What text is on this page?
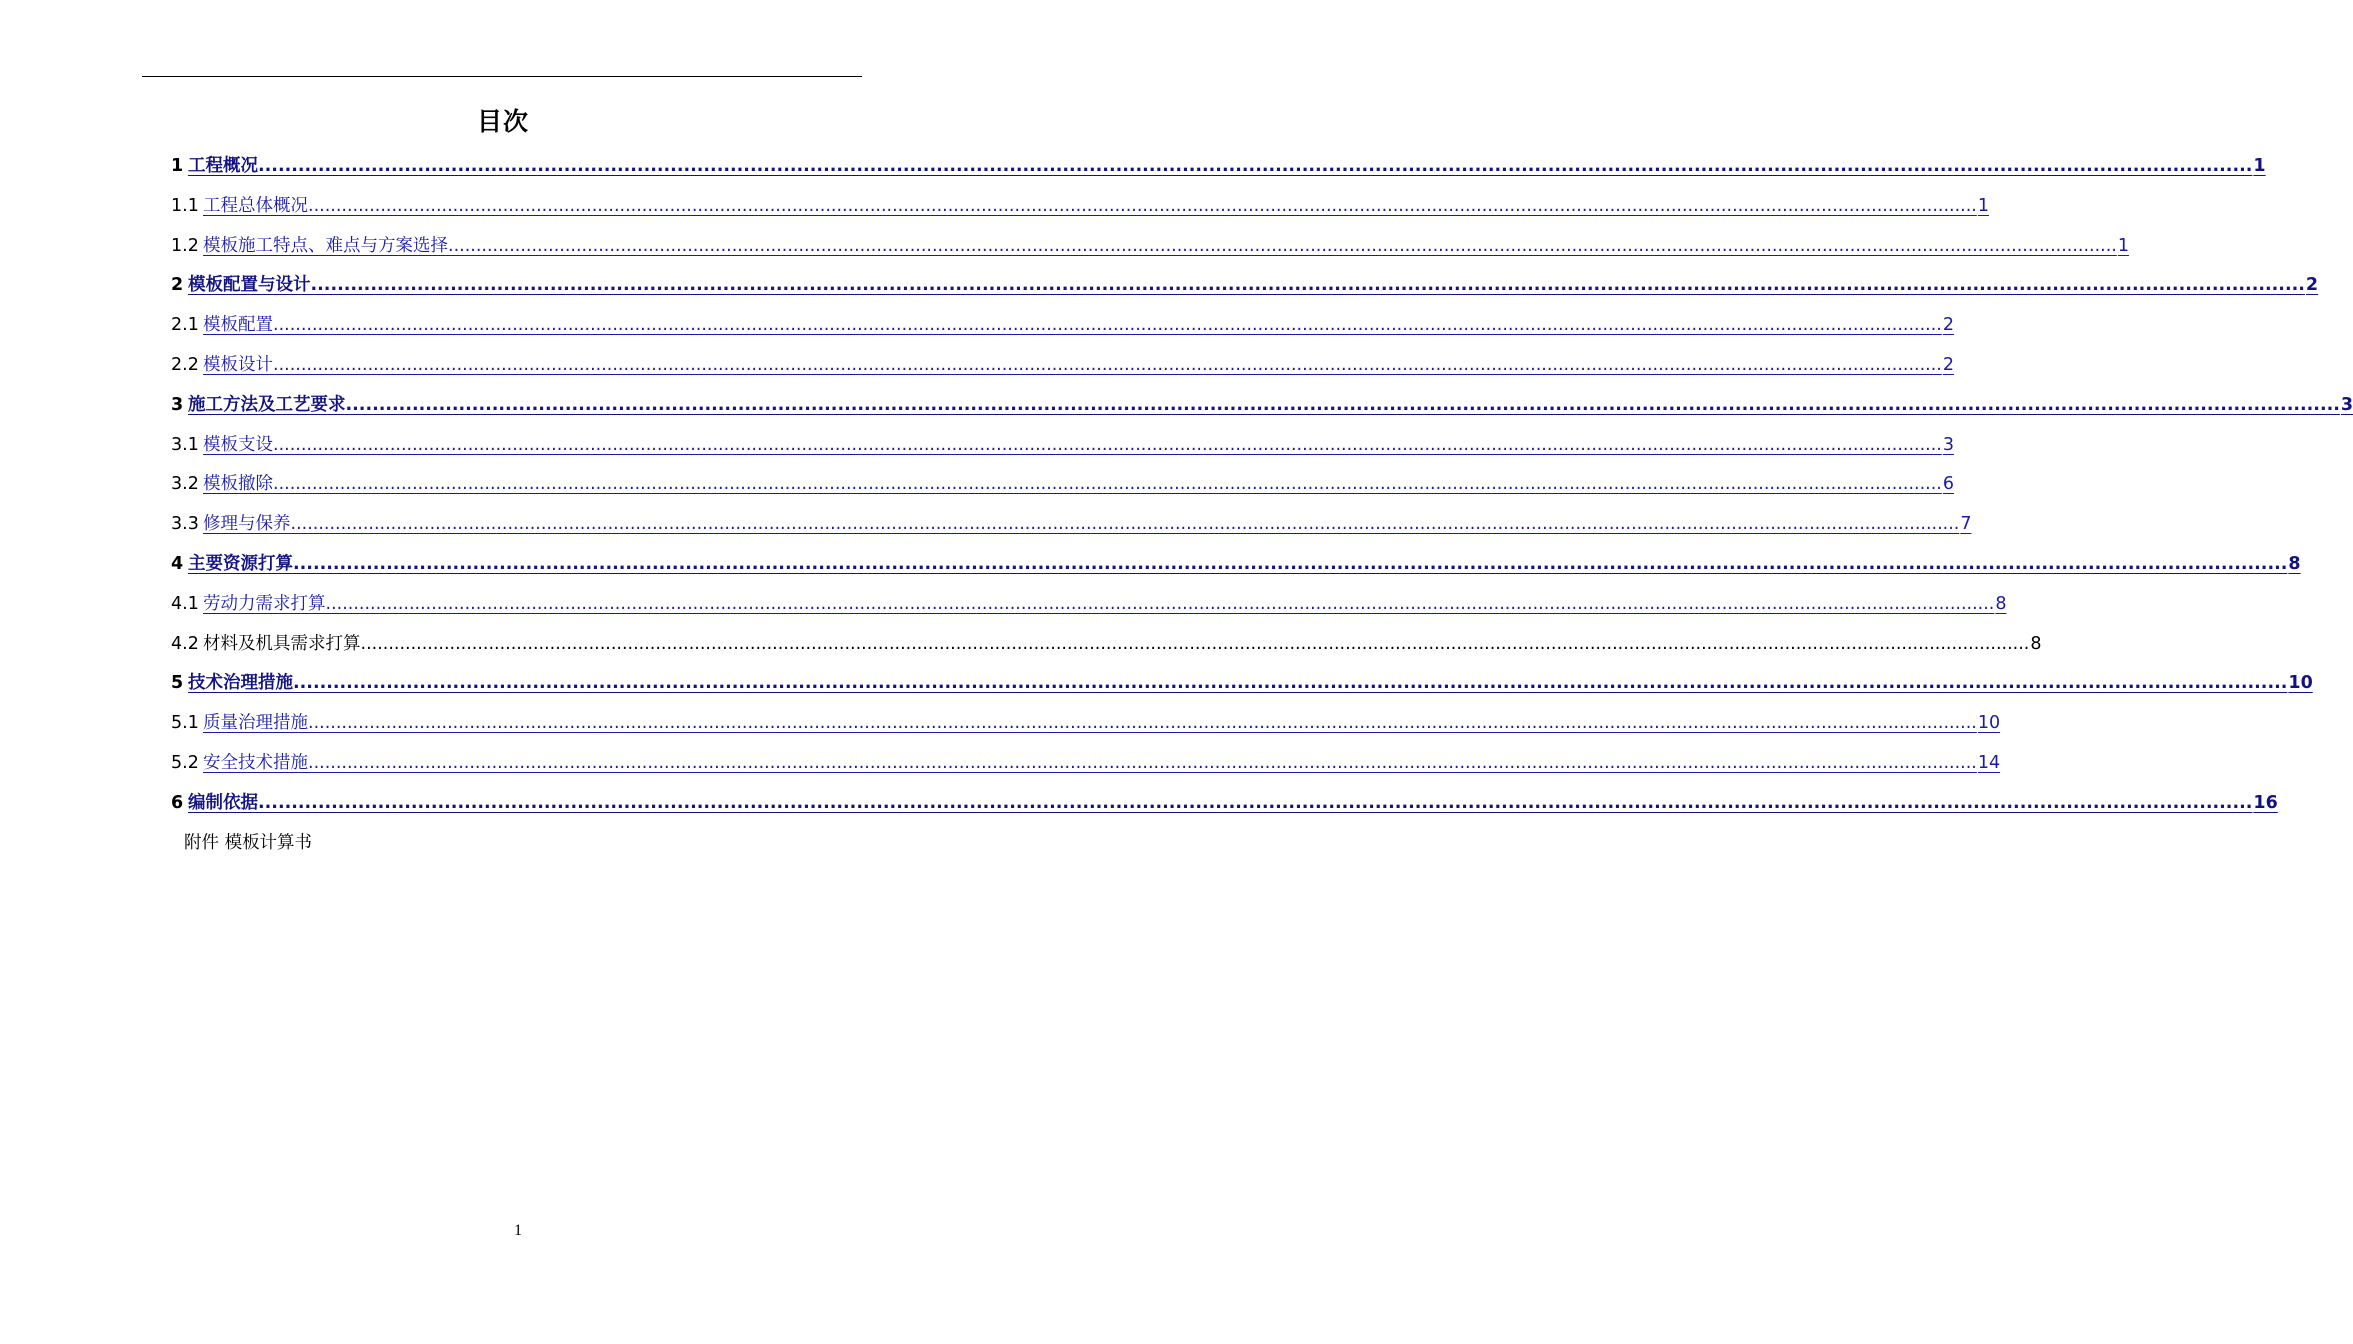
目次
1 工程概况 ............................................................................................................................................................................................................................................................................................................ 1
1.1 工程总体概况 ............................................................................................................................................................................................................................................................................................................ 1
1.2 模板施工特点、难点与方案选择 ............................................................................................................................................................................................................................................................................................................ 1
2 模板配置与设计 ............................................................................................................................................................................................................................................................................................................ 2
2.1 模板配置 ............................................................................................................................................................................................................................................................................................................ 2
2.2 模板设计 ............................................................................................................................................................................................................................................................................................................ 2
3 施工方法及工艺要求 ............................................................................................................................................................................................................................................................................................................ 3
3.1 模板支设 ............................................................................................................................................................................................................................................................................................................ 3
3.2 模板撤除 ............................................................................................................................................................................................................................................................................................................ 6
3.3 修理与保养 ............................................................................................................................................................................................................................................................................................................ 7
4 主要资源打算 ............................................................................................................................................................................................................................................................................................................ 8
4.1 劳动力需求打算 ............................................................................................................................................................................................................................................................................................................ 8
4.2 材料及机具需求打算 ............................................................................................................................................................................................................................................................................................................ 8
5 技术治理措施 ............................................................................................................................................................................................................................................................................................................ 10
5.1 质量治理措施 ............................................................................................................................................................................................................................................................................................................ 10
5.2 安全技术措施 ............................................................................................................................................................................................................................................................................................................ 14
6 编制依据 ............................................................................................................................................................................................................................................................................................................ 16
附件 模板计算书
1
